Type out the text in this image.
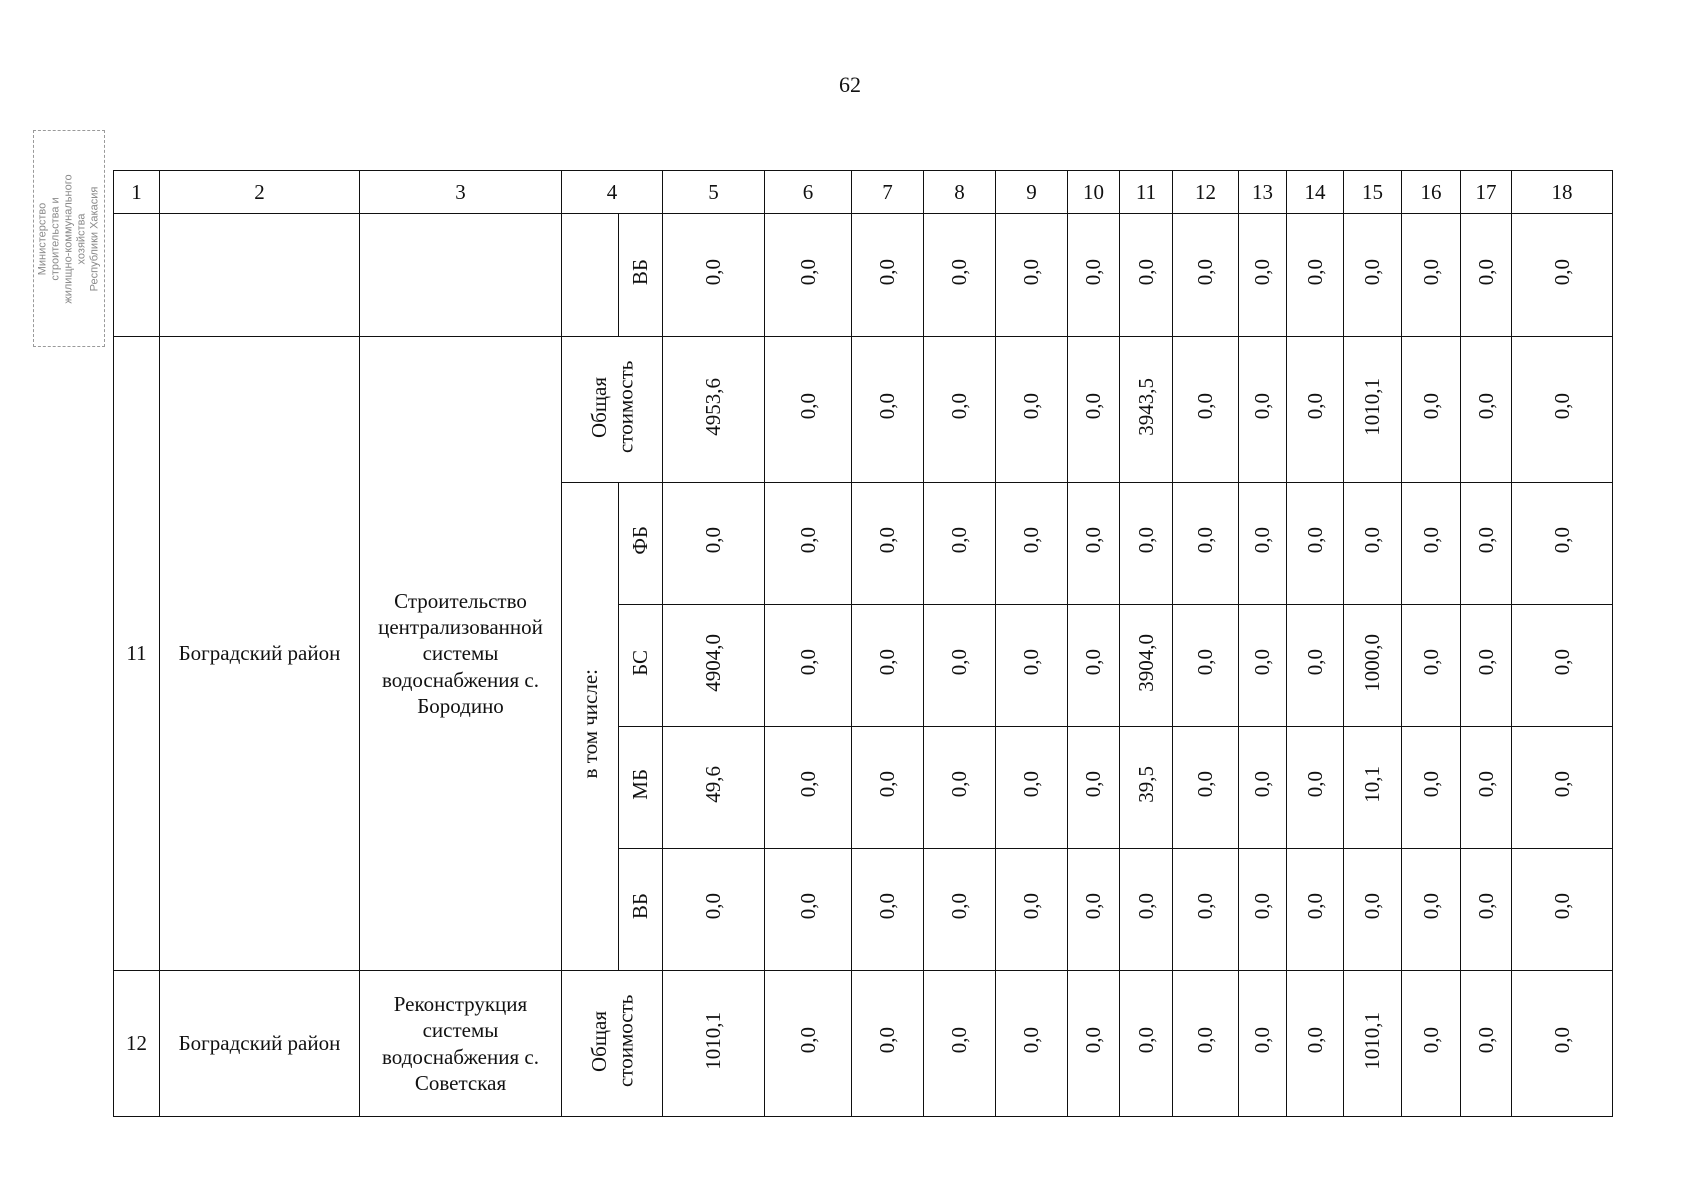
62
Министерство строительства и жилищно-коммунального хозяйства Республики Хакасия 1	2	3	4		5	6	7	8	9	10	11	12	13	14	15	16	17	18
				ВБ	0,0	0,0	0,0	0,0	0,0	0,0	0,0	0,0	0,0	0,0	0,0	0,0	0,0	0,0
11	Боградский район	Строительство централизованной системы водоснабжения с. Бородино	Общая стоимость		4953,6	0,0	0,0	0,0	0,0	0,0	3943,5	0,0	0,0	0,0	1010,1	0,0	0,0	0,0
			в том числе:	ФБ	0,0	0,0	0,0	0,0	0,0	0,0	0,0	0,0	0,0	0,0	0,0	0,0	0,0	0,0
				БС	4904,0	0,0	0,0	0,0	0,0	0,0	3904,0	0,0	0,0	0,0	1000,0	0,0	0,0	0,0
				МБ	49,6	0,0	0,0	0,0	0,0	0,0	39,5	0,0	0,0	0,0	10,1	0,0	0,0	0,0
				ВБ	0,0	0,0	0,0	0,0	0,0	0,0	0,0	0,0	0,0	0,0	0,0	0,0	0,0	0,0
12	Боградский район	Реконструкция системы водоснабжения с. Советская	Общая стоимость		1010,1	0,0	0,0	0,0	0,0	0,0	0,0	0,0	0,0	0,0	1010,1	0,0	0,0	0,0
